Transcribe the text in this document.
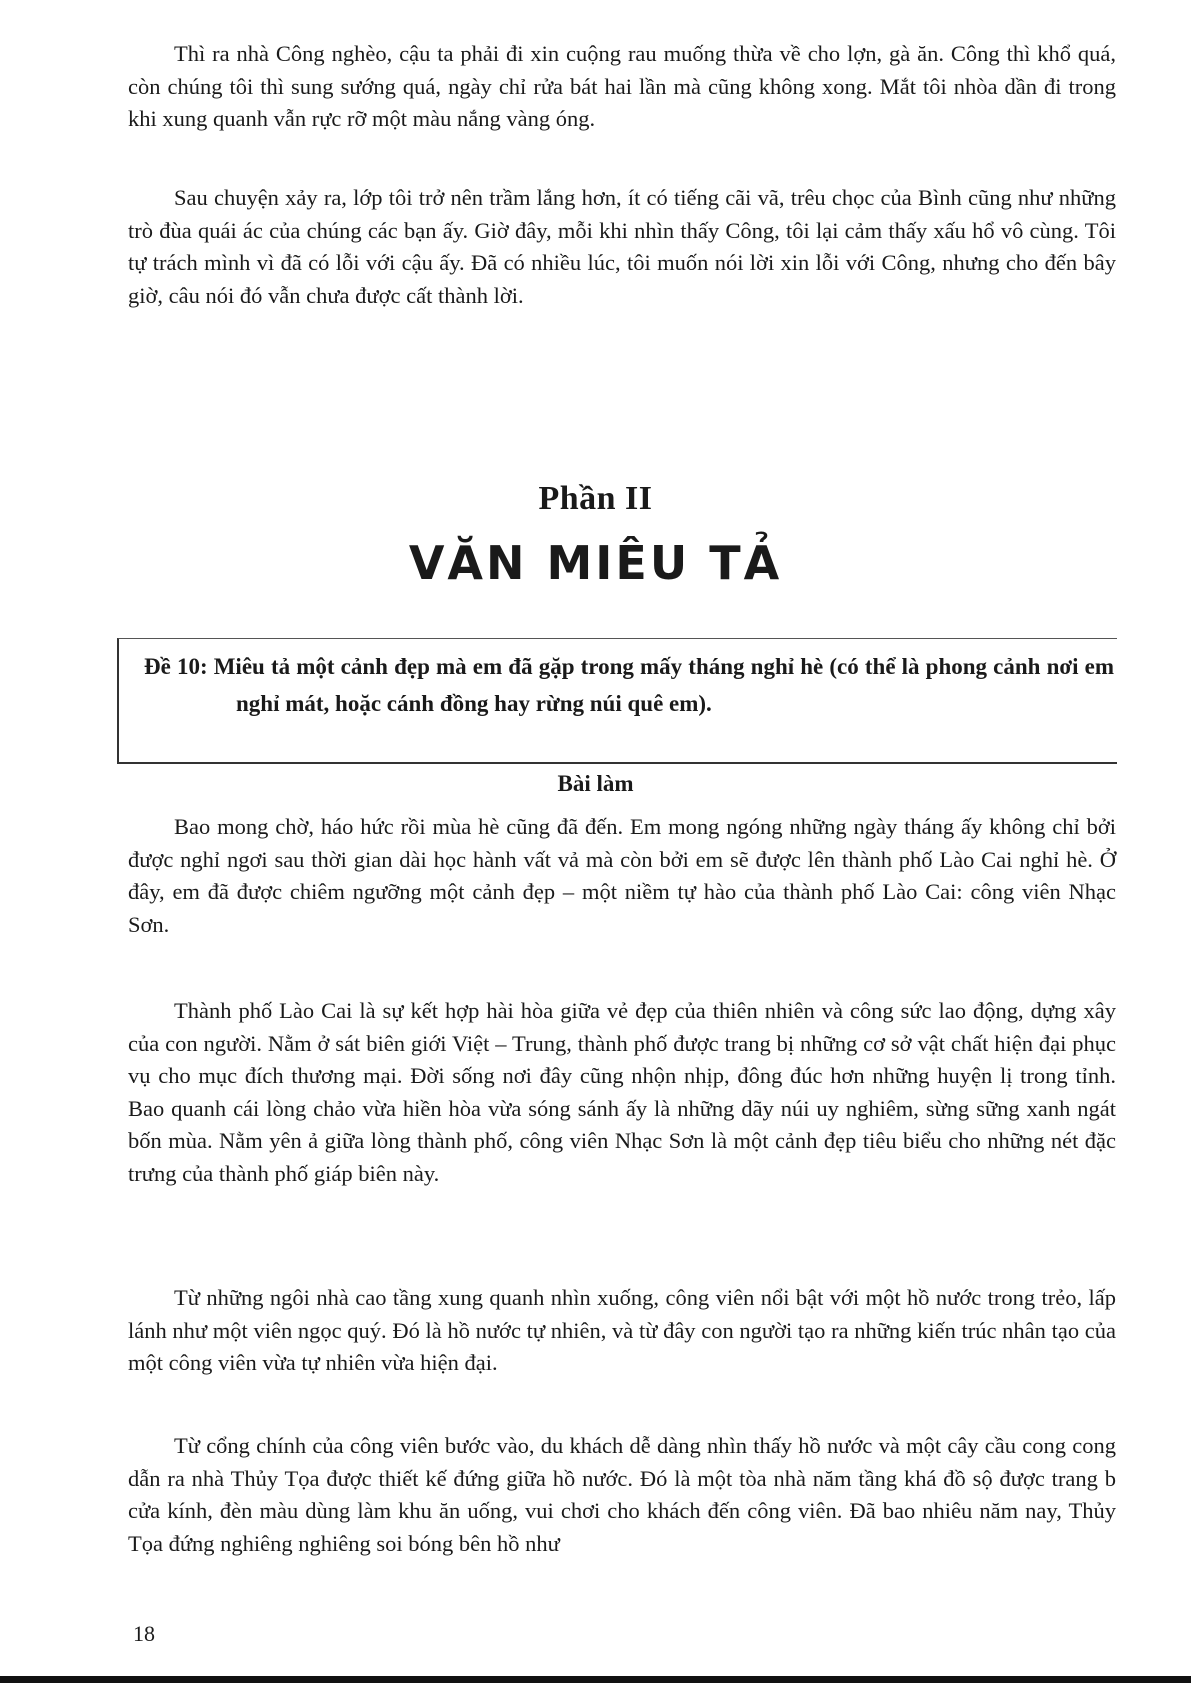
Thì ra nhà Công nghèo, cậu ta phải đi xin cuộng rau muống thừa về cho lợn, gà ăn. Công thì khổ quá, còn chúng tôi thì sung sướng quá, ngày chỉ rửa bát hai lần mà cũng không xong. Mắt tôi nhòa dần đi trong khi xung quanh vẫn rực rỡ một màu nắng vàng óng.

Sau chuyện xảy ra, lớp tôi trở nên trầm lắng hơn, ít có tiếng cãi vã, trêu chọc của Bình cũng như những trò đùa quái ác của chúng các bạn ấy. Giờ đây, mỗi khi nhìn thấy Công, tôi lại cảm thấy xấu hổ vô cùng. Tôi tự trách mình vì đã có lỗi với cậu ấy. Đã có nhiều lúc, tôi muốn nói lời xin lỗi với Công, nhưng cho đến bây giờ, câu nói đó vẫn chưa được cất thành lời.

Phần II
VĂN MIÊU TẢ

Đề 10: Miêu tả một cảnh đẹp mà em đã gặp trong mấy tháng nghỉ hè (có thể là phong cảnh nơi em nghỉ mát, hoặc cánh đồng hay rừng núi quê em).

Bài làm

Bao mong chờ, háo hức rồi mùa hè cũng đã đến. Em mong ngóng những ngày tháng ấy không chỉ bởi được nghỉ ngơi sau thời gian dài học hành vất vả mà còn bởi em sẽ được lên thành phố Lào Cai nghỉ hè. Ở đây, em đã được chiêm ngưỡng một cảnh đẹp – một niềm tự hào của thành phố Lào Cai: công viên Nhạc Sơn.

Thành phố Lào Cai là sự kết hợp hài hòa giữa vẻ đẹp của thiên nhiên và công sức lao động, dựng xây của con người. Nằm ở sát biên giới Việt – Trung, thành phố được trang bị những cơ sở vật chất hiện đại phục vụ cho mục đích thương mại. Đời sống nơi đây cũng nhộn nhịp, đông đúc hơn những huyện lị trong tỉnh. Bao quanh cái lòng chảo vừa hiền hòa vừa sóng sánh ấy là những dãy núi uy nghiêm, sừng sững xanh ngát bốn mùa. Nằm yên ả giữa lòng thành phố, công viên Nhạc Sơn là một cảnh đẹp tiêu biểu cho những nét đặc trưng của thành phố giáp biên này.

Từ những ngôi nhà cao tầng xung quanh nhìn xuống, công viên nổi bật với một hồ nước trong trẻo, lấp lánh như một viên ngọc quý. Đó là hồ nước tự nhiên, và từ đây con người tạo ra những kiến trúc nhân tạo của một công viên vừa tự nhiên vừa hiện đại.

Từ cổng chính của công viên bước vào, du khách dễ dàng nhìn thấy hồ nước và một cây cầu cong cong dẫn ra nhà Thủy Tọa được thiết kế đứng giữa hồ nước. Đó là một tòa nhà năm tầng khá đồ sộ được trang b cửa kính, đèn màu dùng làm khu ăn uống, vui chơi cho khách đến công viên. Đã bao nhiêu năm nay, Thủy Tọa đứng nghiêng nghiêng soi bóng bên hồ như

18
